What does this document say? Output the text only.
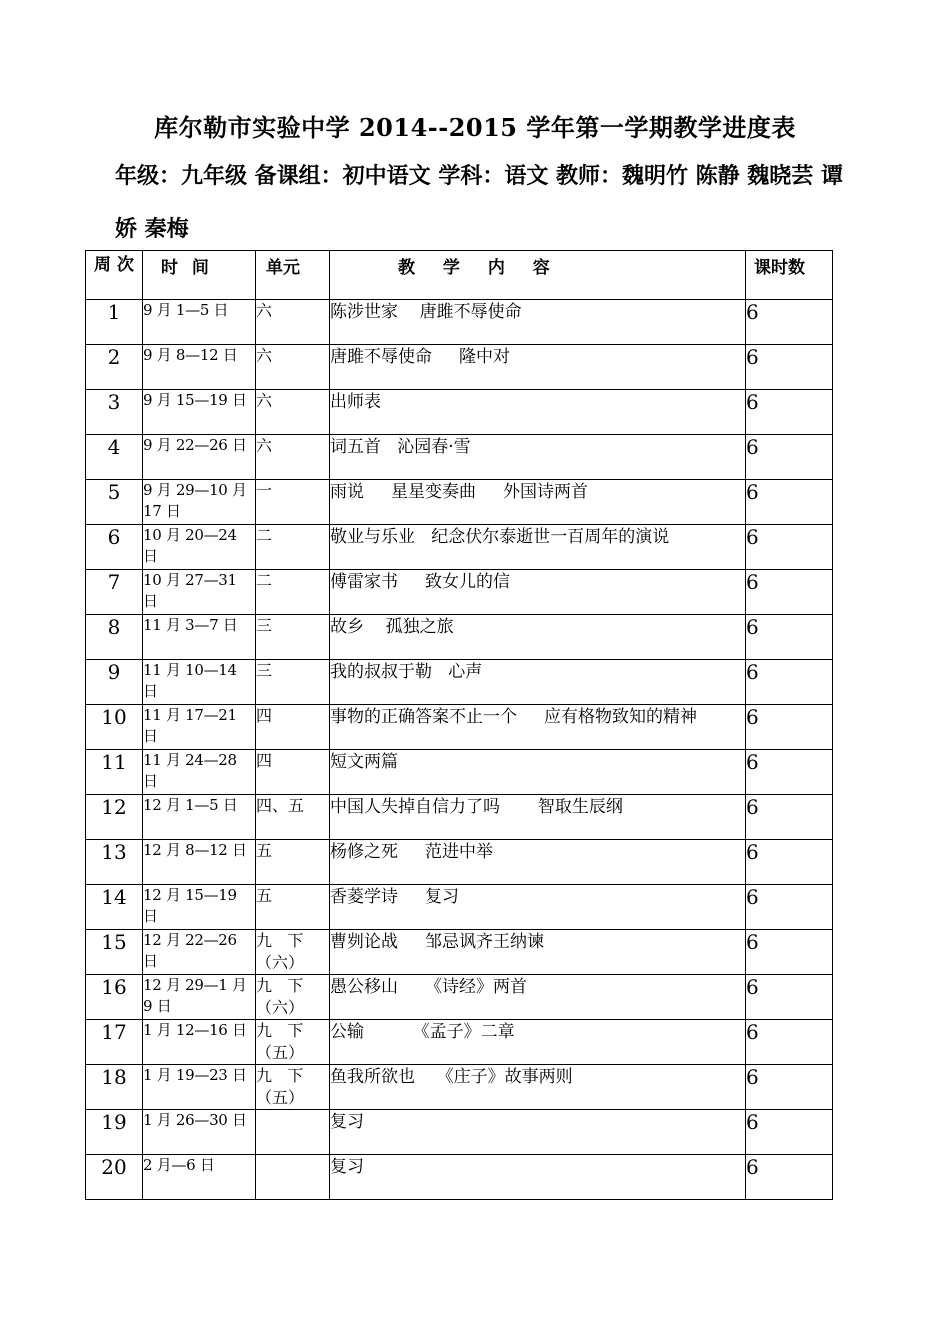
库尔勒市实验中学 2014--2015 学年第一学期教学进度表
年级：九年级 备课组：初中语文 学科：语文 教师：魏明竹 陈静 魏晓芸 谭娇 秦梅
周 次	时 间	单元	教 学 内 容	课时数

1	9 月 1—5 日	六	陈涉世家    唐雎不辱使命	6
2	9 月 8—12 日	六	唐雎不辱使命     隆中对	6
3	9 月 15—19 日	六	出师表	6
4	9 月 22—26 日	六	词五首   沁园春·雪	6
5	9 月 29—10 月 17 日	一	雨说     星星变奏曲     外国诗两首	6
6	10 月 20—24 日	二	敬业与乐业   纪念伏尔泰逝世一百周年的演说	6
7	10 月 27—31 日	二	傅雷家书     致女儿的信	6
8	11 月 3—7 日	三	故乡    孤独之旅	6
9	11 月 10—14 日	三	我的叔叔于勒   心声	6
10	11 月 17—21 日	四	事物的正确答案不止一个     应有格物致知的精神	6
11	11 月 24—28 日	四	短文两篇	6
12	12 月 1—5 日	四、五	中国人失掉自信力了吗       智取生辰纲	6
13	12 月 8—12 日	五	杨修之死     范进中举	6
14	12 月 15—19 日	五	香菱学诗     复习	6
15	12 月 22—26 日	九   下（六）	曹刿论战     邹忌讽齐王纳谏	6
16	12 月 29—1 月 9 日	九   下（六）	愚公移山     《诗经》两首	6
17	1 月 12—16 日	九   下（五）	公输         《孟子》二章	6
18	1 月 19—23 日	九   下（五）	鱼我所欲也    《庄子》故事两则	6
19	1 月 26—30 日		复习	6
20	2 月—6 日		复习	6
